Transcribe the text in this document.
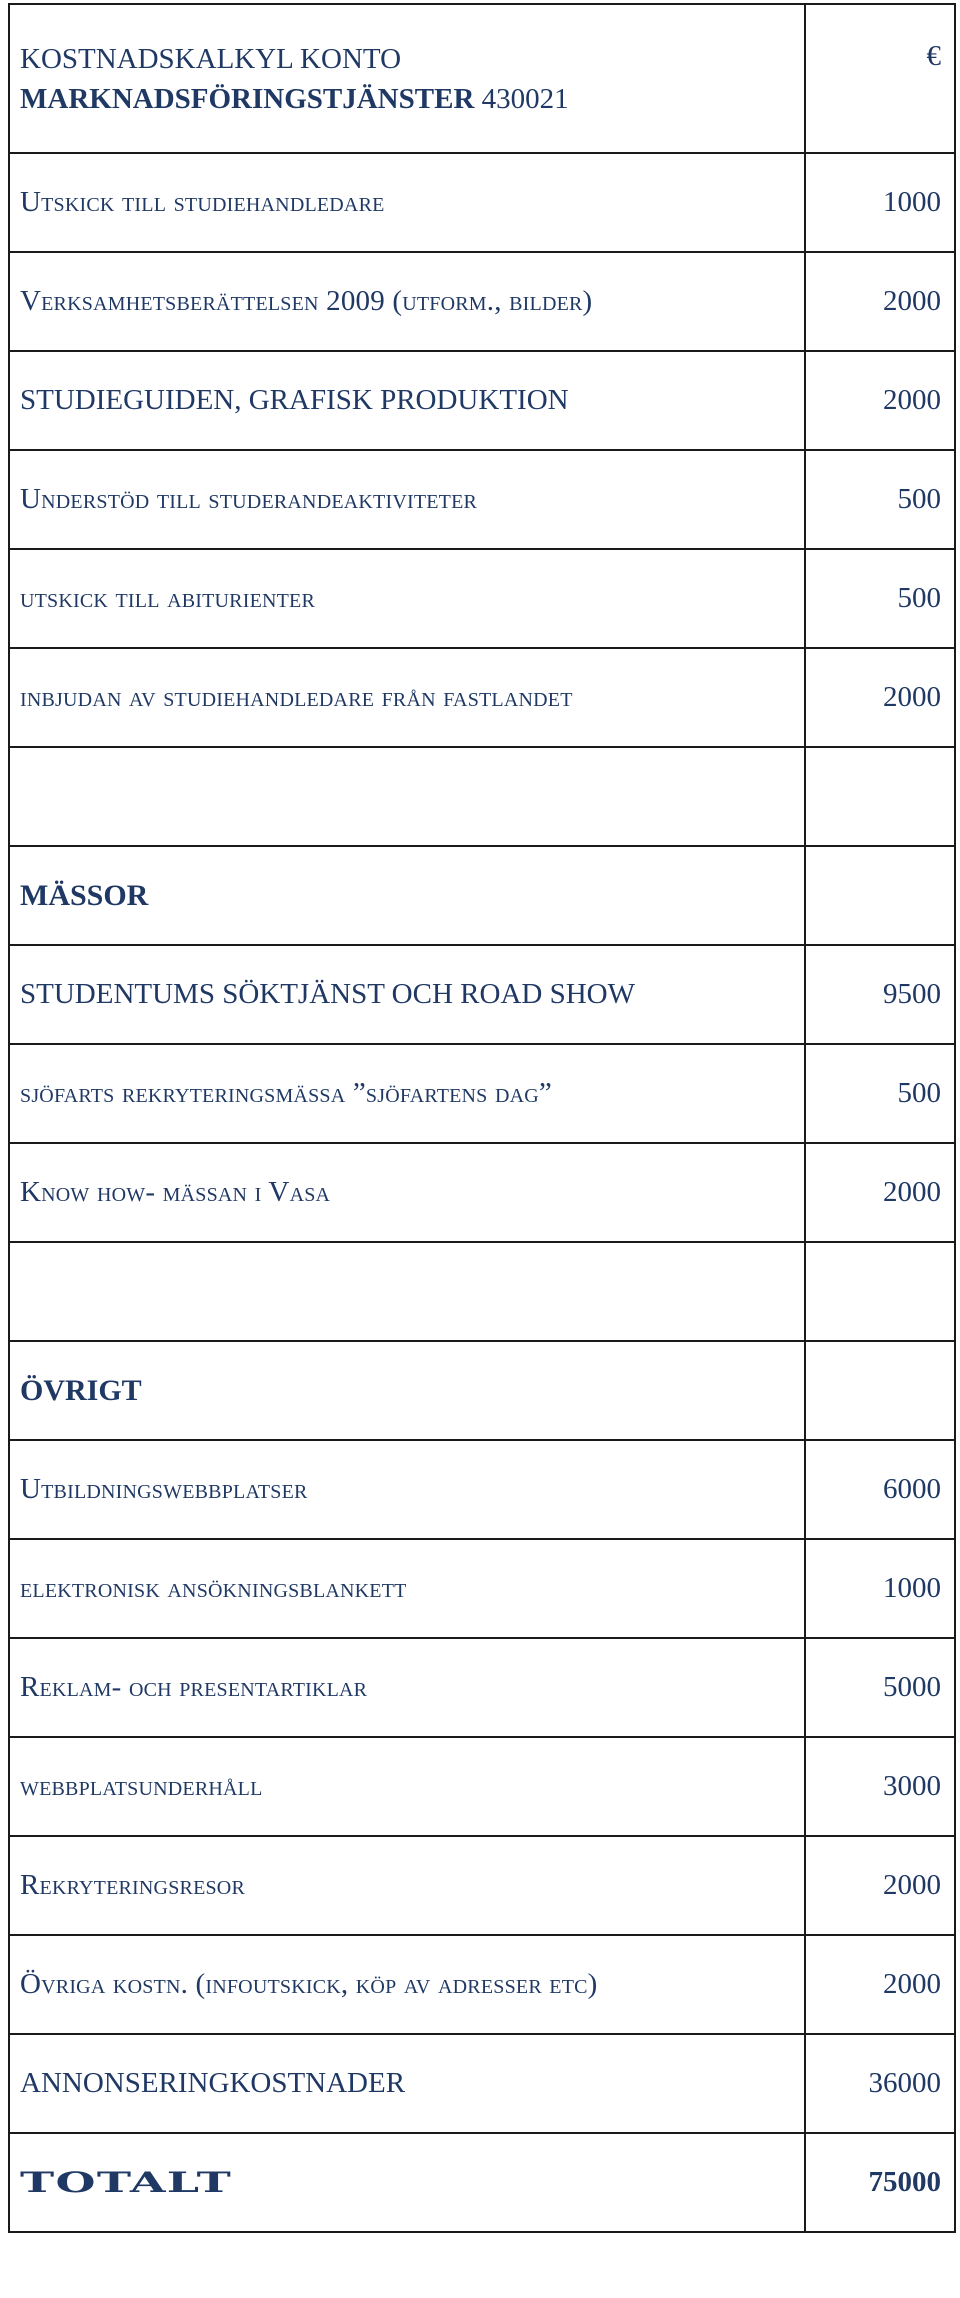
KOSTNADSKALKYL KONTO
MARKNADSFÖRINGSTJÄNSTER 430021	€

Utskick till studiehandledare	1000
Verksamhetsberättelsen 2009 (utform., bilder)	2000
STUDIEGUIDEN, GRAFISK PRODUKTION	2000
Understöd till studerandeaktiviteter	500
utskick till abiturienter	500
inbjudan av studiehandledare från fastlandet	2000

MÄSSOR	
STUDENTUMS SÖKTJÄNST OCH ROAD SHOW	9500
sjöfarts rekryteringsmässa ”sjöfartens dag”	500
Know how- mässan i Vasa	2000

ÖVRIGT	
Utbildningswebbplatser	6000
elektronisk ansökningsblankett	1000
Reklam- och presentartiklar	5000
webbplatsunderhåll	3000
Rekryteringsresor	2000
Övriga kostn. (infoutskick, köp av adresser etc)	2000
ANNONSERINGKOSTNADER	36000
TOTALT	75000
